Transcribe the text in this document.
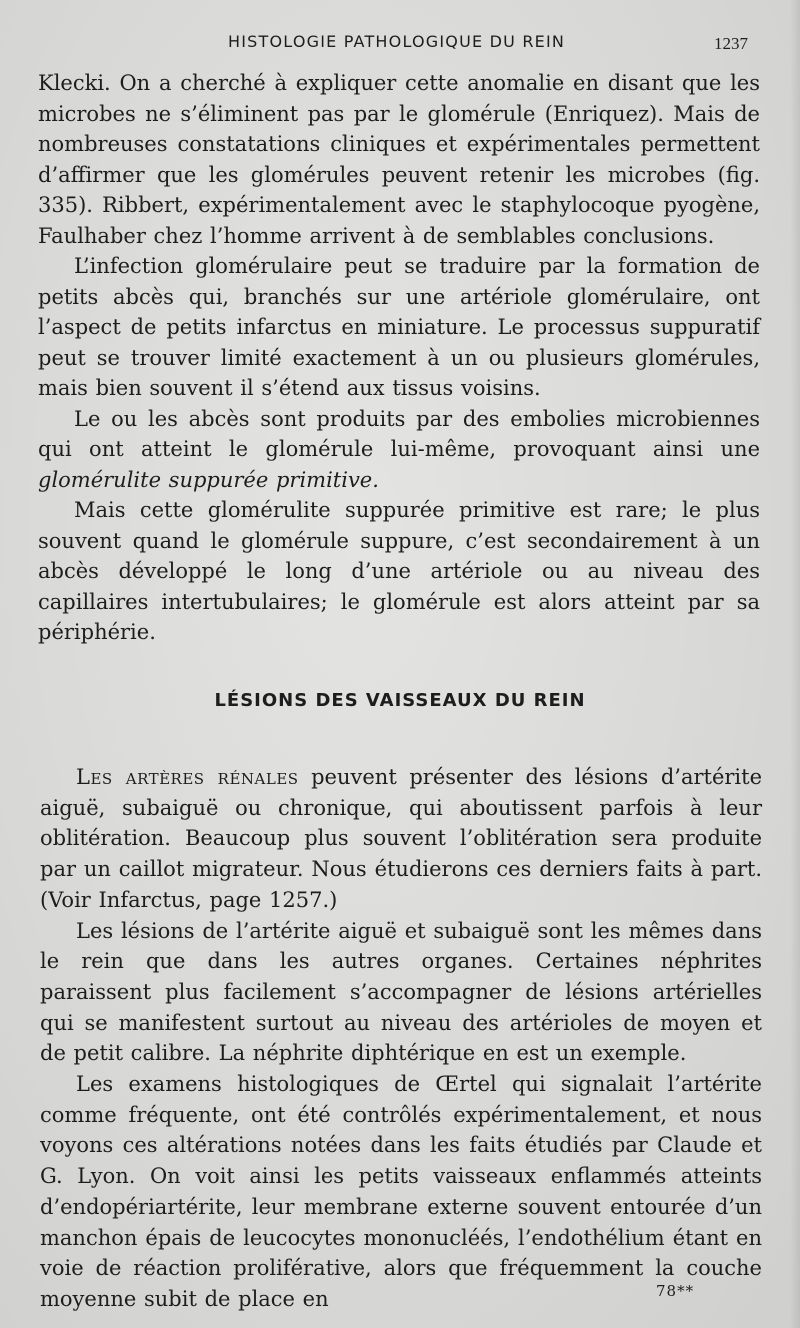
HISTOLOGIE PATHOLOGIQUE DU REIN	1237

Klecki. On a cherché à expliquer cette anomalie en disant que les microbes ne s’éliminent pas par le glomérule (Enriquez). Mais de nombreuses constatations cliniques et expérimentales permettent d’affirmer que les glomérules peuvent retenir les microbes (fig. 335). Ribbert, expérimentalement avec le staphylocoque pyogène, Faulhaber chez l’homme arrivent à de semblables conclusions.

L’infection glomérulaire peut se traduire par la formation de petits abcès qui, branchés sur une artériole glomérulaire, ont l’aspect de petits infarctus en miniature. Le processus suppuratif peut se trouver limité exactement à un ou plusieurs glomérules, mais bien souvent il s’étend aux tissus voisins.

Le ou les abcès sont produits par des embolies microbiennes qui ont atteint le glomérule lui-même, provoquant ainsi une glomérulite suppurée primitive.

Mais cette glomérulite suppurée primitive est rare; le plus souvent quand le glomérule suppure, c’est secondairement à un abcès développé le long d’une artériole ou au niveau des capillaires intertubulaires; le glomérule est alors atteint par sa périphérie.

LÉSIONS DES VAISSEAUX DU REIN

Les artères rénales peuvent présenter des lésions d’artérite aiguë, subaiguë ou chronique, qui aboutissent parfois à leur oblitération. Beaucoup plus souvent l’oblitération sera produite par un caillot migrateur. Nous étudierons ces derniers faits à part. (Voir Infarctus, page 1257.)

Les lésions de l’artérite aiguë et subaiguë sont les mêmes dans le rein que dans les autres organes. Certaines néphrites paraissent plus facilement s’accompagner de lésions artérielles qui se manifestent surtout au niveau des artérioles de moyen et de petit calibre. La néphrite diphtérique en est un exemple.

Les examens histologiques de Œrtel qui signalait l’artérite comme fréquente, ont été contrôlés expérimentalement, et nous voyons ces altérations notées dans les faits étudiés par Claude et G. Lyon. On voit ainsi les petits vaisseaux enflammés atteints d’endopériartérite, leur membrane externe souvent entourée d’un manchon épais de leucocytes mononucléés, l’endothélium étant en voie de réaction proliférative, alors que fréquemment la couche moyenne subit de place en	78**
